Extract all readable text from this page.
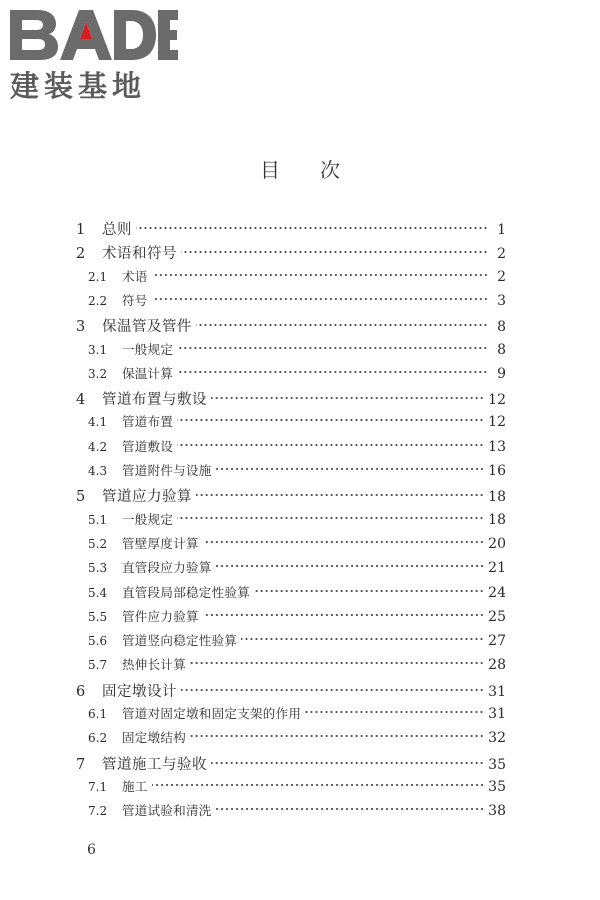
建装基地
目次
1	总则	1
2	术语和符号	2
2.1	术语	2
2.2	符号	3
3	保温管及管件	8
3.1	一般规定	8
3.2	保温计算	9
4	管道布置与敷设	12
4.1	管道布置	12
4.2	管道敷设	13
4.3	管道附件与设施	16
5	管道应力验算	18
5.1	一般规定	18
5.2	管壁厚度计算	20
5.3	直管段应力验算	21
5.4	直管段局部稳定性验算	24
5.5	管件应力验算	25
5.6	管道竖向稳定性验算	27
5.7	热伸长计算	28
6	固定墩设计	31
6.1	管道对固定墩和固定支架的作用	31
6.2	固定墩结构	32
7	管道施工与验收	35
7.1	施工	35
7.2	管道试验和清洗	38
6
